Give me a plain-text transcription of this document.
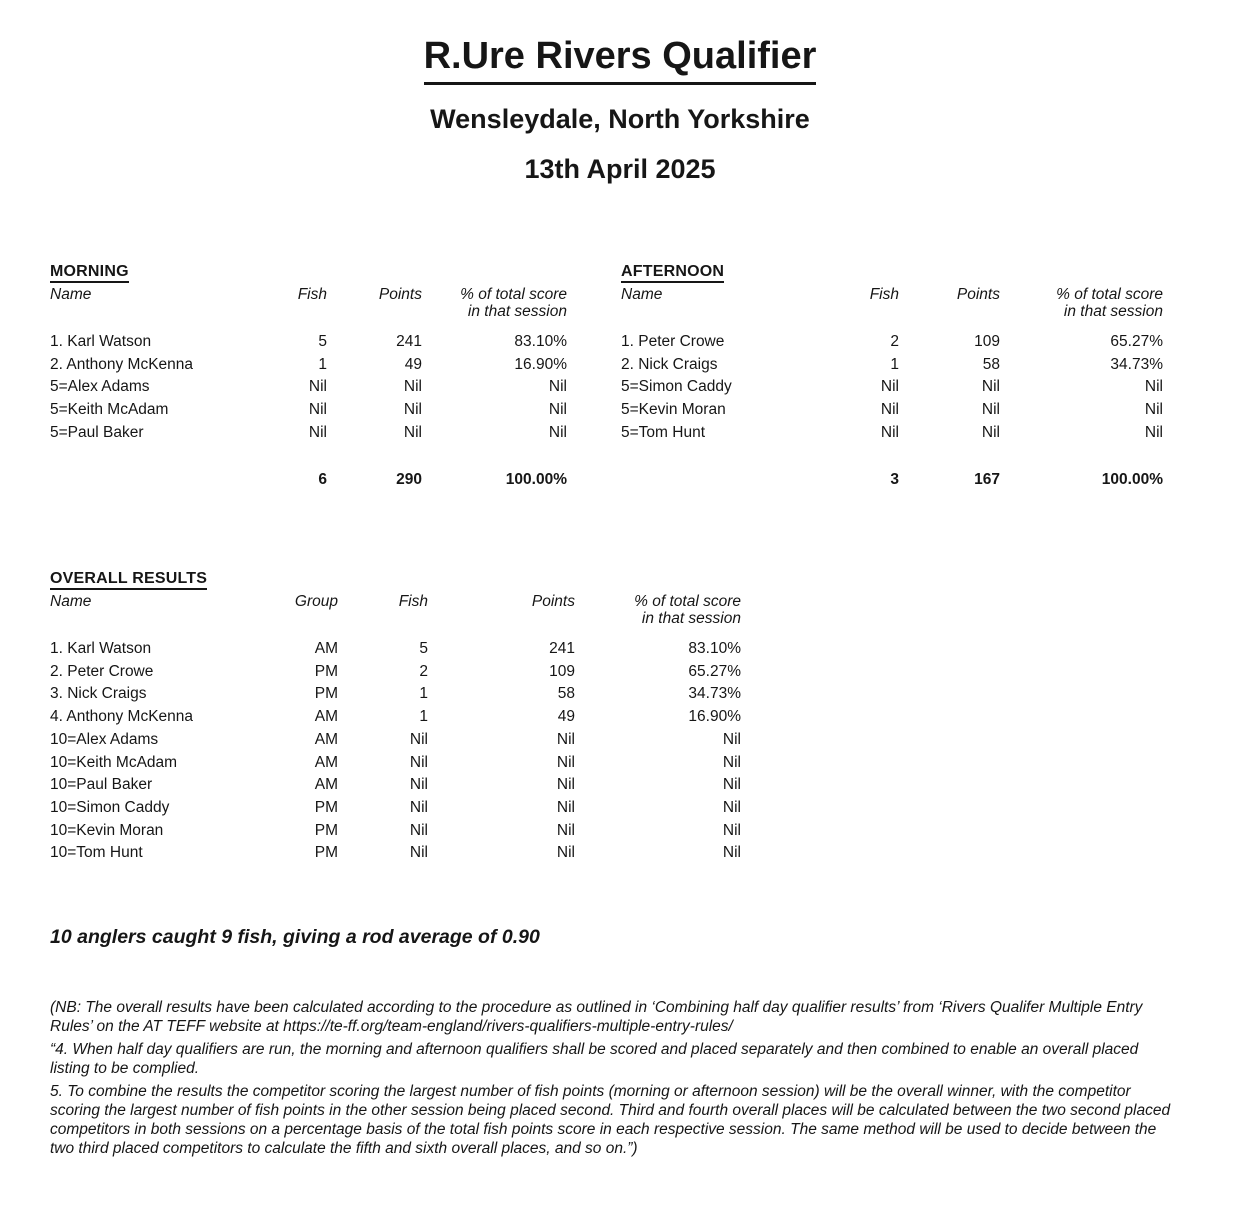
R.Ure Rivers Qualifier
Wensleydale, North Yorkshire
13th April 2025
MORNING
Name	Fish	Points	% of total score
in that session
1. Karl Watson	5	241	83.10%
2. Anthony McKenna	1	49	16.90%
5=Alex Adams	Nil	Nil	Nil
5=Keith McAdam	Nil	Nil	Nil
5=Paul Baker	Nil	Nil	Nil
	6	290	100.00%
AFTERNOON
Name	Fish	Points	% of total score
in that session
1. Peter Crowe	2	109	65.27%
2. Nick Craigs	1	58	34.73%
5=Simon Caddy	Nil	Nil	Nil
5=Kevin Moran	Nil	Nil	Nil
5=Tom Hunt	Nil	Nil	Nil
	3	167	100.00%
OVERALL RESULTS
Name	Group	Fish	Points	% of total score
in that session
1. Karl Watson	AM	5	241	83.10%
2. Peter Crowe	PM	2	109	65.27%
3. Nick Craigs	PM	1	58	34.73%
4. Anthony McKenna	AM	1	49	16.90%
10=Alex Adams	AM	Nil	Nil	Nil
10=Keith McAdam	AM	Nil	Nil	Nil
10=Paul Baker	AM	Nil	Nil	Nil
10=Simon Caddy	PM	Nil	Nil	Nil
10=Kevin Moran	PM	Nil	Nil	Nil
10=Tom Hunt	PM	Nil	Nil	Nil

10 anglers caught 9 fish, giving a rod average of 0.90

(NB: The overall results have been calculated according to the procedure as outlined in ‘Combining half day qualifier results’ from ‘Rivers Qualifer Multiple Entry Rules’ on the AT TEFF website at https://te-ff.org/team-england/rivers-qualifiers-multiple-entry-rules/

“4. When half day qualifiers are run, the morning and afternoon qualifiers shall be scored and placed separately and then combined to enable an overall placed listing to be complied.

5. To combine the results the competitor scoring the largest number of fish points (morning or afternoon session) will be the overall winner, with the competitor scoring the largest number of fish points in the other session being placed second. Third and fourth overall places will be calculated between the two second placed competitors in both sessions on a percentage basis of the total fish points score in each respective session. The same method will be used to decide between the two third placed competitors to calculate the fifth and sixth overall places, and so on.”)
